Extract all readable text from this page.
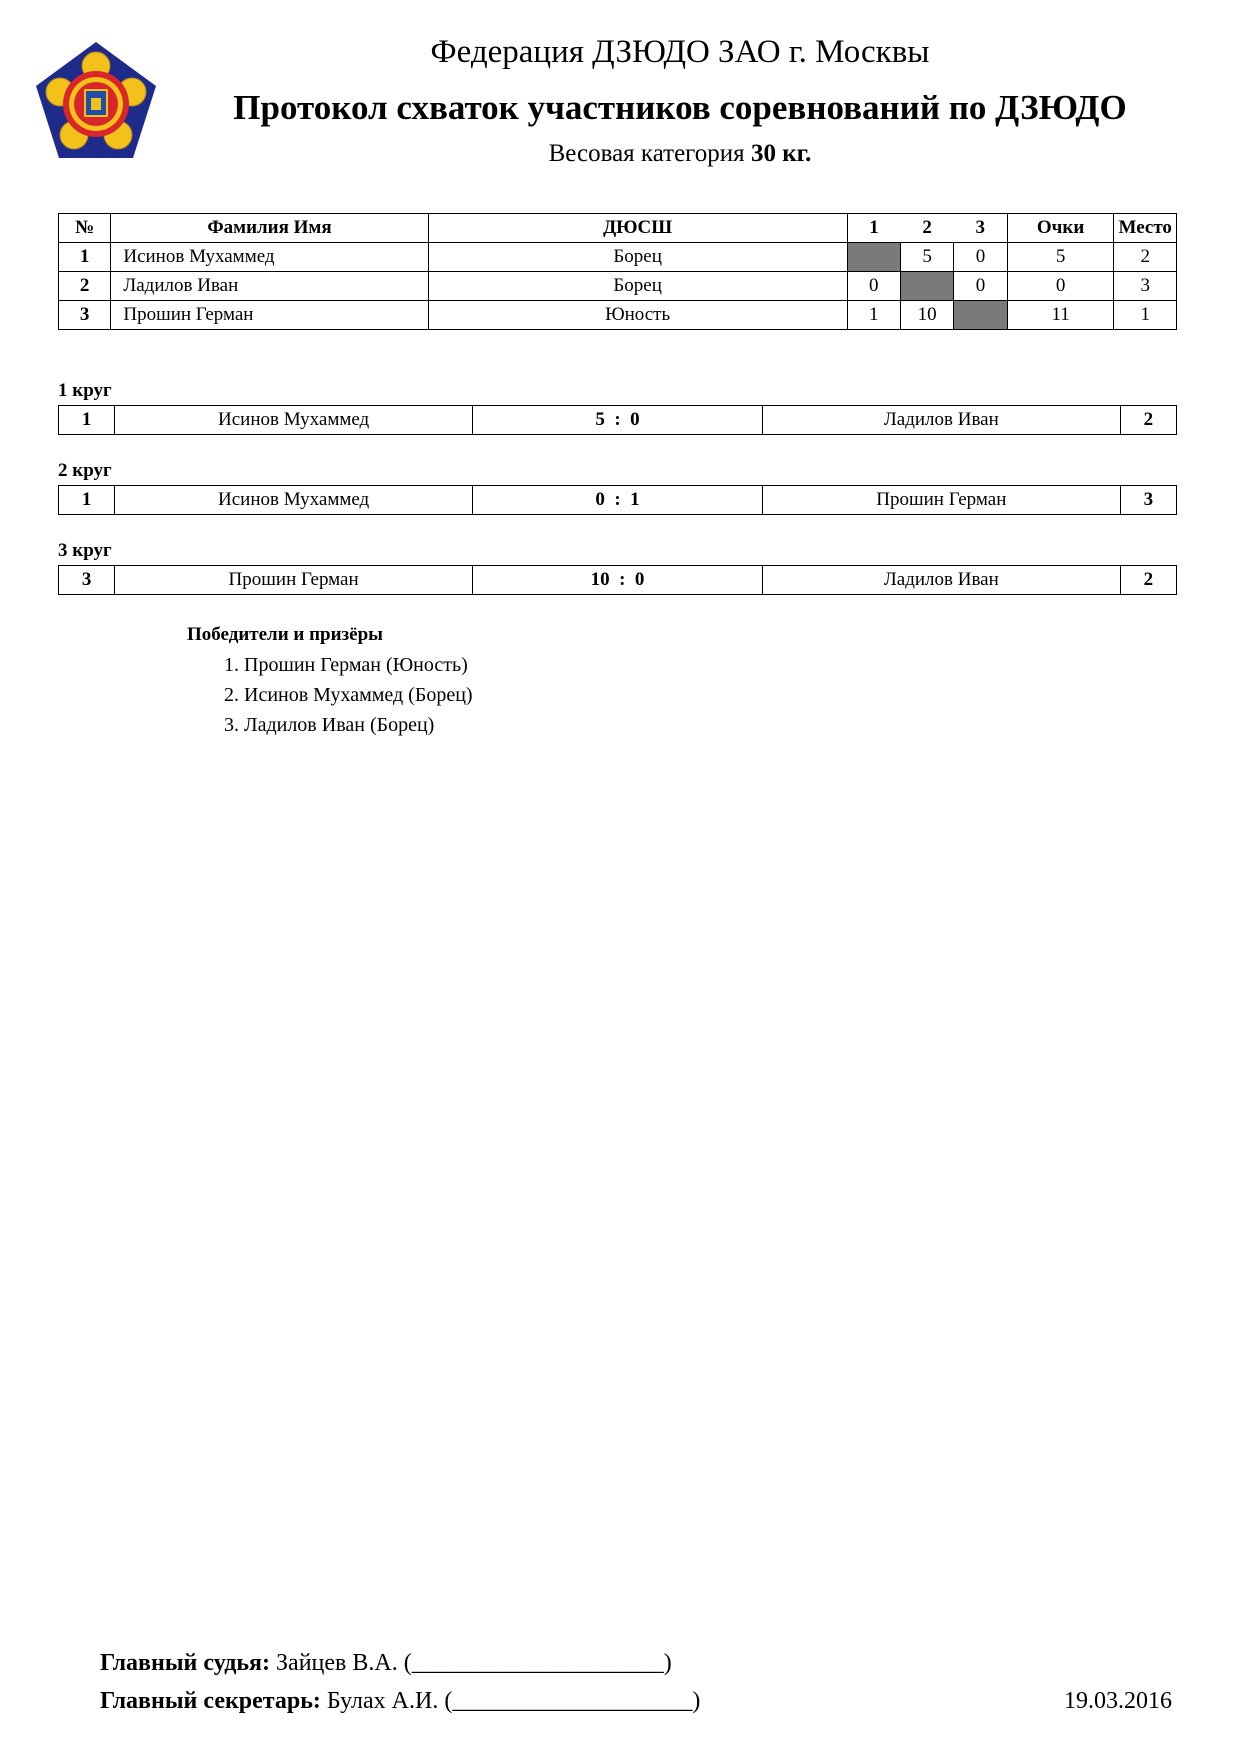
Федерация ДЗЮДО ЗАО г. Москвы
Протокол схваток участников соревнований по ДЗЮДО
Весовая категория 30 кг.
№	Фамилия Имя	ДЮСШ	1	2	3	Очки	Место
1	Исинов Мухаммед	Борец		5	0	5	2
2	Ладилов Иван	Борец	0		0	0	3
3	Прошин Герман	Юность	1	10		11	1
1 круг
1	Исинов Мухаммед	5  :  0	Ладилов Иван	2
2 круг
1	Исинов Мухаммед	0  :  1	Прошин Герман	3
3 круг
3	Прошин Герман	10  :  0	Ладилов Иван	2
Победители и призёры
1. Прошин Герман (Юность)
2. Исинов Мухаммед (Борец)
3. Ладилов Иван (Борец)
Главный судья: Зайцев В.А. (_____________________)
Главный секретарь: Булах А.И. (____________________)	19.03.2016
